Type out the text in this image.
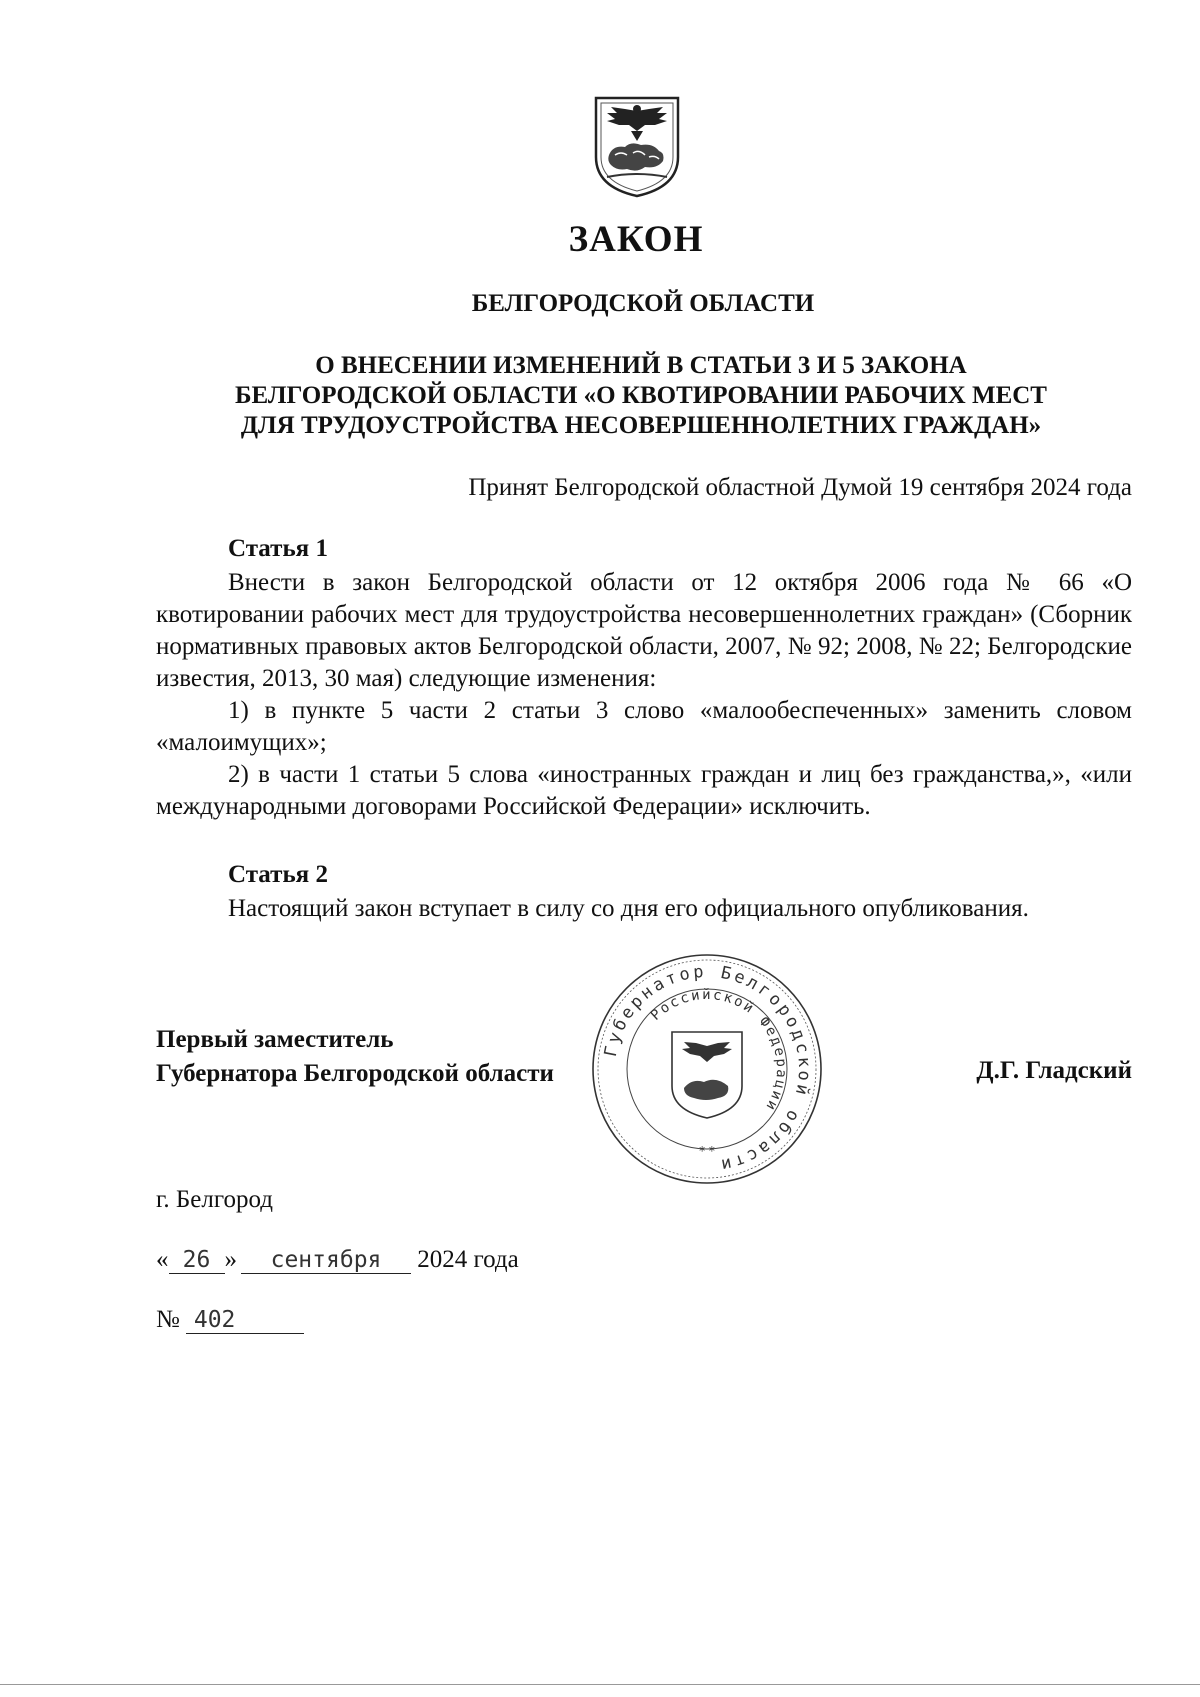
ЗАКОН
БЕЛГОРОДСКОЙ ОБЛАСТИ
О ВНЕСЕНИИ ИЗМЕНЕНИЙ В СТАТЬИ 3 И 5 ЗАКОНА
БЕЛГОРОДСКОЙ ОБЛАСТИ «О КВОТИРОВАНИИ РАБОЧИХ МЕСТ
ДЛЯ ТРУДОУСТРОЙСТВА НЕСОВЕРШЕННОЛЕТНИХ ГРАЖДАН»
Принят Белгородской областной Думой 19 сентября 2024 года
Статья 1

Внести в закон Белгородской области от 12 октября 2006 года № 66 «О квотировании рабочих мест для трудоустройства несовершеннолетних граждан» (Сборник нормативных правовых актов Белгородской области, 2007, № 92; 2008, № 22; Белгородские известия, 2013, 30 мая) следующие изменения:

1) в пункте 5 части 2 статьи 3 слово «малообеспеченных» заменить словом «малоимущих»;

2) в части 1 статьи 5 слова «иностранных граждан и лиц без гражданства,», «или международными договорами Российской Федерации» исключить.

Статья 2

Настоящий закон вступает в силу со дня его официального опубликования.

Губернатор Белгородской области
Российской Федерации
* *
Первый заместитель
Губернатора Белгородской области	Д.Г. Гладский
г. Белгород
« 26 » сентября 2024 года
№ 402
